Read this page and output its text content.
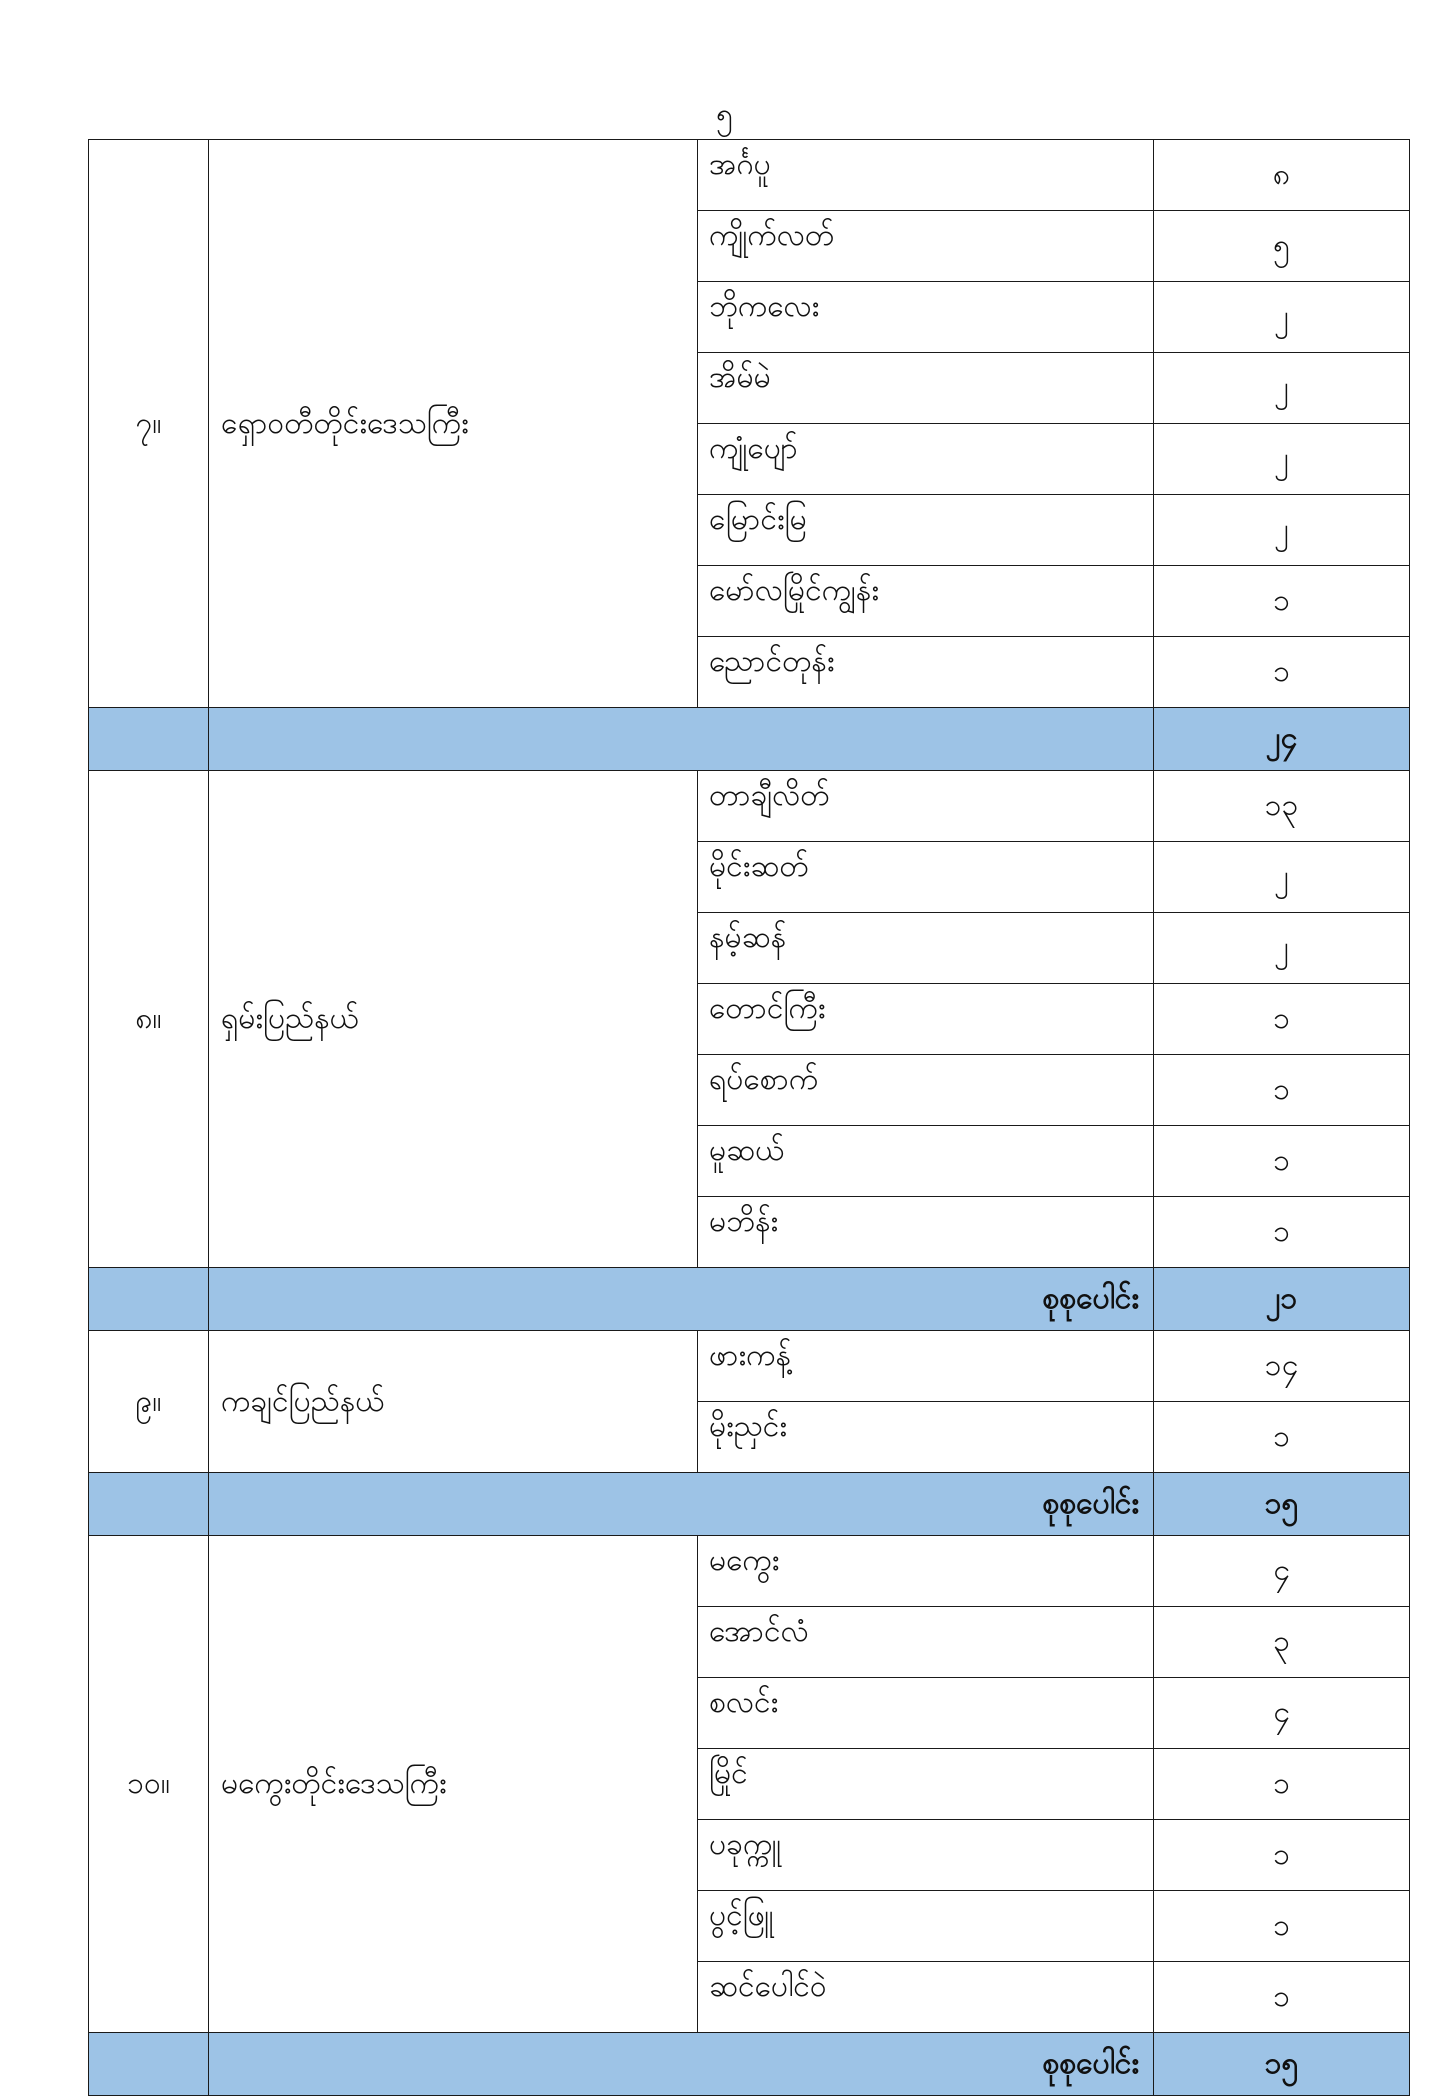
၅
၇။	ရှောဝတီတိုင်းဒေသကြီး	အင်္ဂပူ	၈
		ကျိုက်လတ်	၅
		ဘိုကလေး	၂
		အိမ်မဲ	၂
		ကျုံပျော်	၂
		မြောင်းမြ	၂
		မော်လမြိုင်ကျွန်း	၁
		ညောင်တုန်း	၁
			၂၄
၈။	ရှမ်းပြည်နယ်	တာချီလိတ်	၁၃
		မိုင်းဆတ်	၂
		နမ့်ဆန်	၂
		တောင်ကြီး	၁
		ရပ်စောက်	၁
		မူဆယ်	၁
		မဘိန်း	၁
	စုစုပေါင်း		၂၁
၉။	ကချင်ပြည်နယ်	ဖားကန့်	၁၄
		မိုးညှင်း	၁
	စုစုပေါင်း		၁၅
၁၀။	မကွေးတိုင်းဒေသကြီး	မကွေး	၄
		အောင်လံ	၃
		စလင်း	၄
		မြိုင်	၁
		ပခုက္ကူ	၁
		ပွင့်ဖြူ	၁
		ဆင်ပေါင်ဝဲ	၁
	စုစုပေါင်း		၁၅
